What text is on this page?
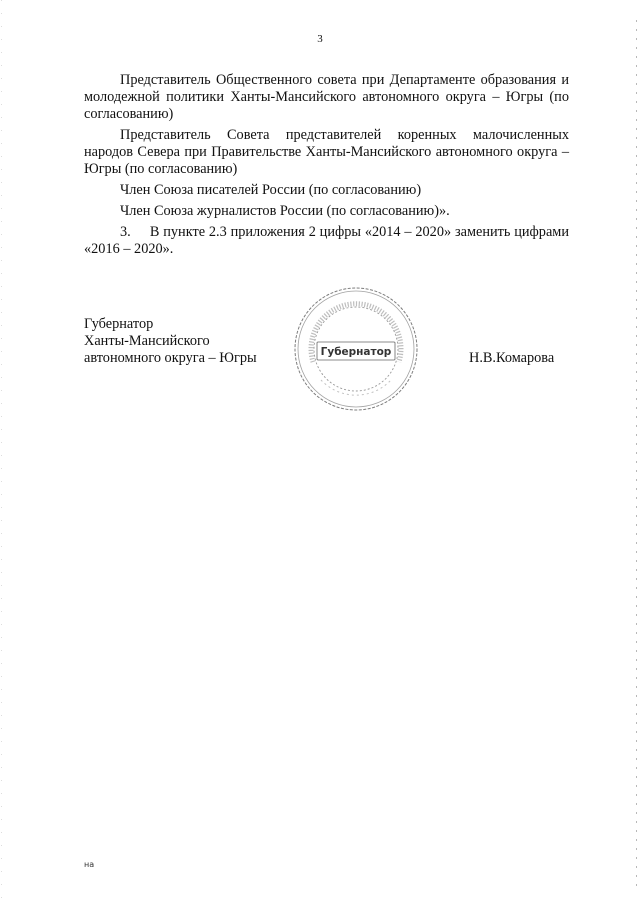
3

Представитель Общественного совета при Департаменте образования и молодежной политики Ханты-Мансийского автономного округа – Югры (по согласованию)

Представитель Совета представителей коренных малочисленных народов Севера при Правительстве Ханты-Мансийского автономного округа – Югры (по согласованию)

Член Союза писателей России (по согласованию)

Член Союза журналистов России (по согласованию)».

3.     В пункте 2.3 приложения 2 цифры «2014 – 2020» заменить цифрами «2016 – 2020».

Губернатор
Ханты-Мансийского
автономного округа – Югры	Губернатор	Н.В.Комарова
на
